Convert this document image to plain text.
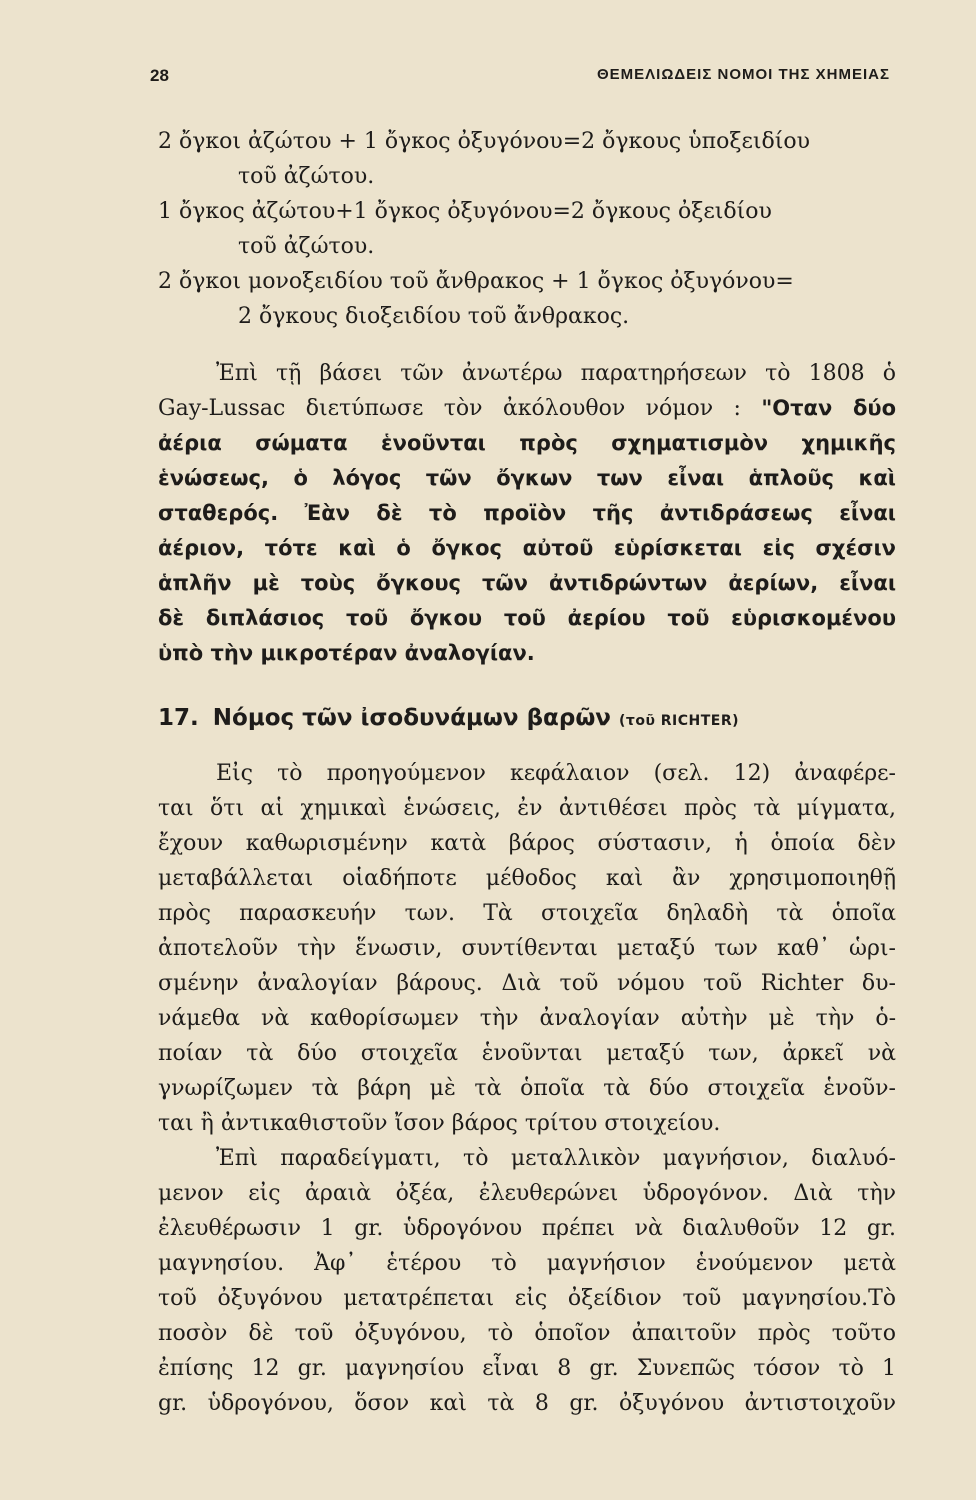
28	ΘΕΜΕΛΙΩΔΕΙΣ ΝΟΜΟΙ ΤΗΣ ΧΗΜΕΙΑΣ
2 ὄγκοι ἀζώτου + 1 ὄγκος ὀξυγόνου=2 ὄγκους ὑποξειδίου
τοῦ ἀζώτου.
1 ὄγκος ἀζώτου+1 ὄγκος ὀξυγόνου=2 ὄγκους ὀξειδίου
τοῦ ἀζώτου.
2 ὄγκοι μονοξειδίου τοῦ ἄνθρακος + 1 ὄγκος ὀξυγόνου=
2 ὄγκους διοξειδίου τοῦ ἄνθρακος.
Ἐπὶ τῇ βάσει τῶν ἀνωτέρω παρατηρήσεων τὸ 1808 ὁ
Gay-Lussac διετύπωσε τὸν ἀκόλουθον νόμον : "Οταν δύο
ἀέρια σώματα ἑνοῦνται πρὸς σχηματισμὸν χημικῆς
ἑνώσεως, ὁ λόγος τῶν ὄγκων των εἶναι ἁπλοῦς καὶ
σταθερός. Ἐὰν δὲ τὸ προϊὸν τῆς ἀντιδράσεως εἶναι
ἀέριον, τότε καὶ ὁ ὄγκος αὐτοῦ εὑρίσκεται εἰς σχέσιν
ἁπλῆν μὲ τοὺς ὄγκους τῶν ἀντιδρώντων ἀερίων, εἶναι
δὲ διπλάσιος τοῦ ὄγκου τοῦ ἀερίου τοῦ εὑρισκομένου
ὑπὸ τὴν μικροτέραν ἀναλογίαν.
17. Νόμος τῶν ἰσοδυνάμων βαρῶν (τοῦ RICHTER)
Εἰς τὸ προηγούμενον κεφάλαιον (σελ. 12) ἀναφέρε-
ται ὅτι αἱ χημικαὶ ἑνώσεις, ἐν ἀντιθέσει πρὸς τὰ μίγματα,
ἔχουν καθωρισμένην κατὰ βάρος σύστασιν, ἡ ὁποία δὲν
μεταβάλλεται οἱαδήποτε μέθοδος καὶ ἂν χρησιμοποιηθῇ
πρὸς παρασκευήν των. Τὰ στοιχεῖα δηλαδὴ τὰ ὁποῖα
ἀποτελοῦν τὴν ἕνωσιν, συντίθενται μεταξύ των καθ᾽ ὡρι-
σμένην ἀναλογίαν βάρους. Διὰ τοῦ νόμου τοῦ Richter δυ-
νάμεθα νὰ καθορίσωμεν τὴν ἀναλογίαν αὐτὴν μὲ τὴν ὁ-
ποίαν τὰ δύο στοιχεῖα ἑνοῦνται μεταξύ των, ἀρκεῖ νὰ
γνωρίζωμεν τὰ βάρη μὲ τὰ ὁποῖα τὰ δύο στοιχεῖα ἑνοῦν-
ται ἢ ἀντικαθιστοῦν ἴσον βάρος τρίτου στοιχείου.
Ἐπὶ παραδείγματι, τὸ μεταλλικὸν μαγνήσιον, διαλυό-
μενον εἰς ἀραιὰ ὀξέα, ἐλευθερώνει ὑδρογόνον. Διὰ τὴν
ἐλευθέρωσιν 1 gr. ὑδρογόνου πρέπει νὰ διαλυθοῦν 12 gr.
μαγνησίου. Ἀφ᾽ ἑτέρου τὸ μαγνήσιον ἑνούμενον μετὰ
τοῦ ὀξυγόνου μετατρέπεται εἰς ὀξείδιον τοῦ μαγνησίου.Τὸ
ποσὸν δὲ τοῦ ὀξυγόνου, τὸ ὁποῖον ἀπαιτοῦν πρὸς τοῦτο
ἐπίσης 12 gr. μαγνησίου εἶναι 8 gr. Συνεπῶς τόσον τὸ 1
gr. ὑδρογόνου, ὅσον καὶ τὰ 8 gr. ὀξυγόνου ἀντιστοιχοῦν
